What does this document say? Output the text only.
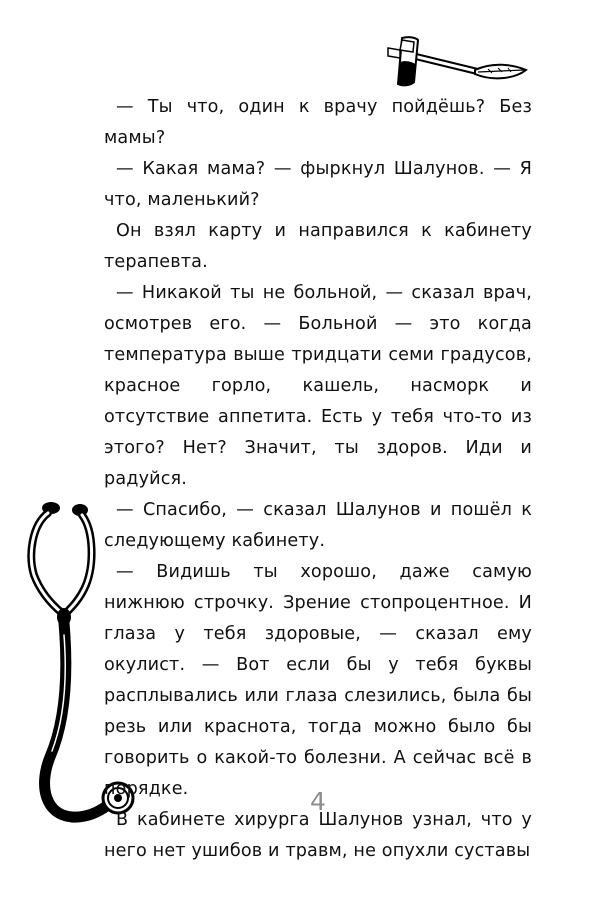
— Ты что, один к врачу пойдёшь? Без мамы?

— Какая мама? — фыркнул Шалунов. — Я что, маленький?

Он взял карту и направился к кабинету терапевта.

— Никакой ты не больной, — сказал врач, осмотрев его. — Больной — это когда температура выше тридцати семи градусов, красное горло, кашель, насморк и отсутствие аппетита. Есть у тебя что-то из этого? Нет? Значит, ты здоров. Иди и радуйся.

— Спасибо, — сказал Шалунов и пошёл к следующему кабинету.

— Видишь ты хорошо, даже самую нижнюю строчку. Зрение стопроцентное. И глаза у тебя здоровые, — сказал ему окулист. — Вот если бы у тебя буквы расплывались или глаза слезились, была бы резь или краснота, тогда можно было бы говорить о какой-то болезни. А сейчас всё в порядке.

В кабинете хирурга Шалунов узнал, что у него нет ушибов и травм, не опухли суставы

4
